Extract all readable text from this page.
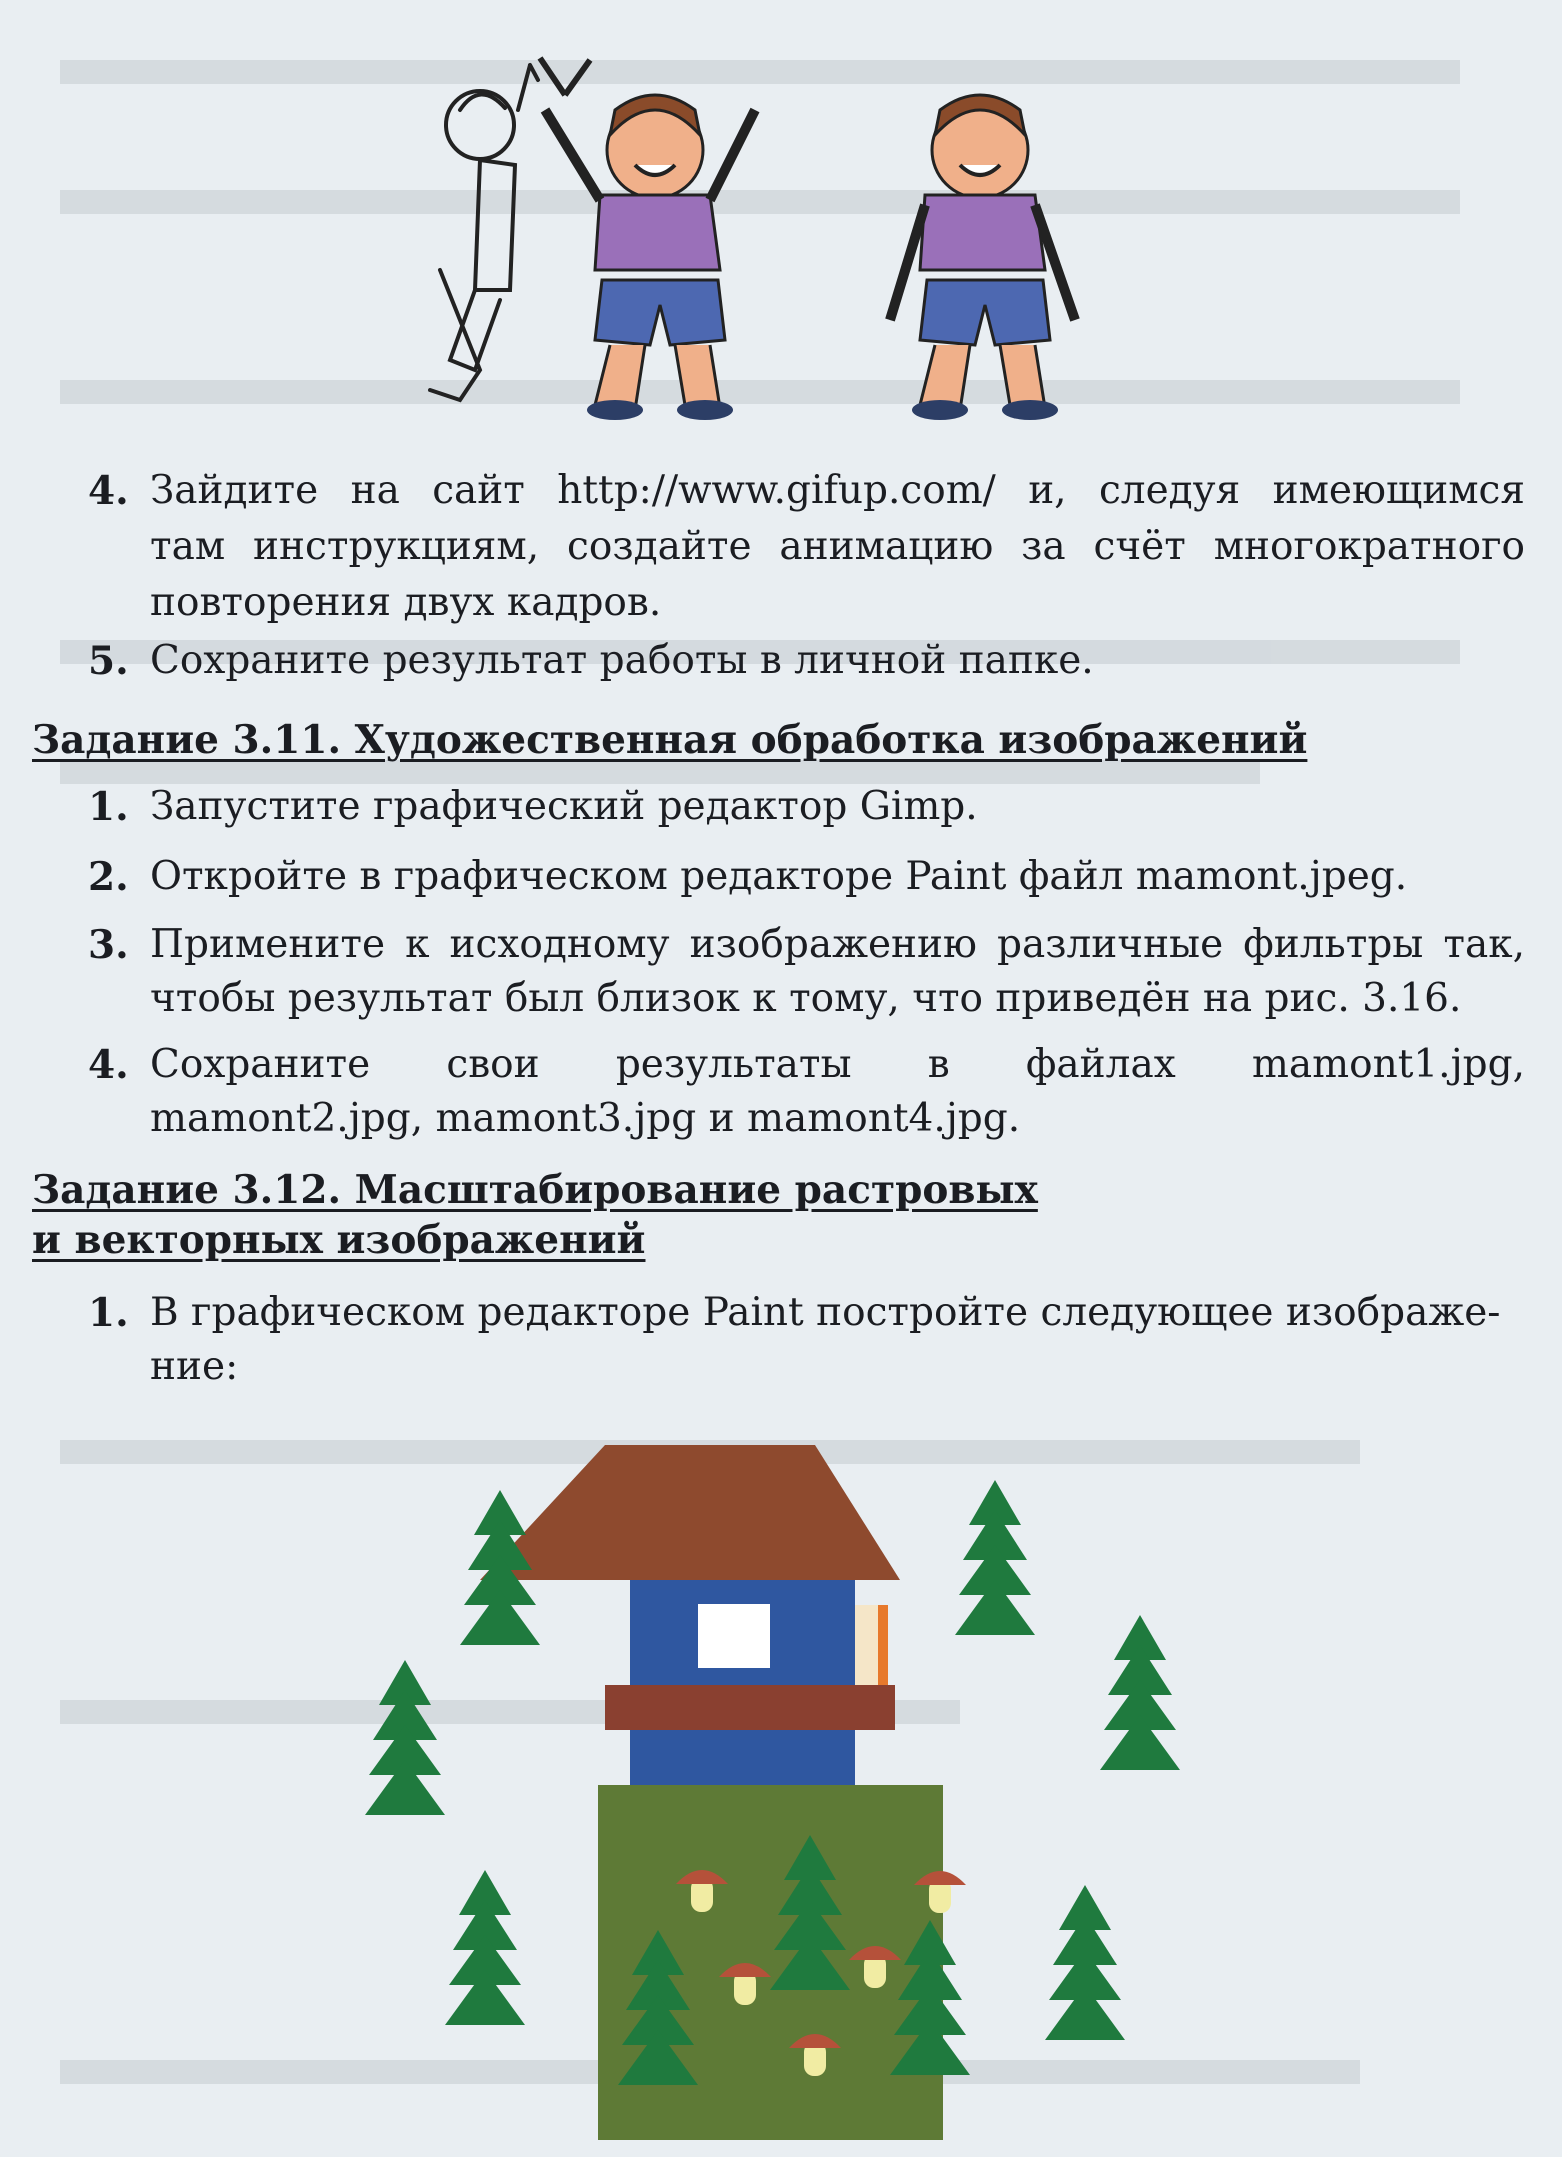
4. Зайдите на сайт http://www.gifup.com/ и, следуя имеющимся
там инструкциям, создайте анимацию за счёт многократного
повторения двух кадров.
5. Сохраните результат работы в личной папке.
Задание 3.11. Художественная обработка изображений
1. Запустите графический редактор Gimp.
2. Откройте в графическом редакторе Paint файл mamont.jpeg.
3. Примените к исходному изображению различные фильтры так,
чтобы результат был близок к тому, что приведён на рис. 3.16.
4. Сохраните свои результаты в файлах mamont1.jpg,
mamont2.jpg, mamont3.jpg и mamont4.jpg.
Задание 3.12. Масштабирование растровых
и векторных изображений
1. В графическом редакторе Paint постройте следующее изображе-
ние:
